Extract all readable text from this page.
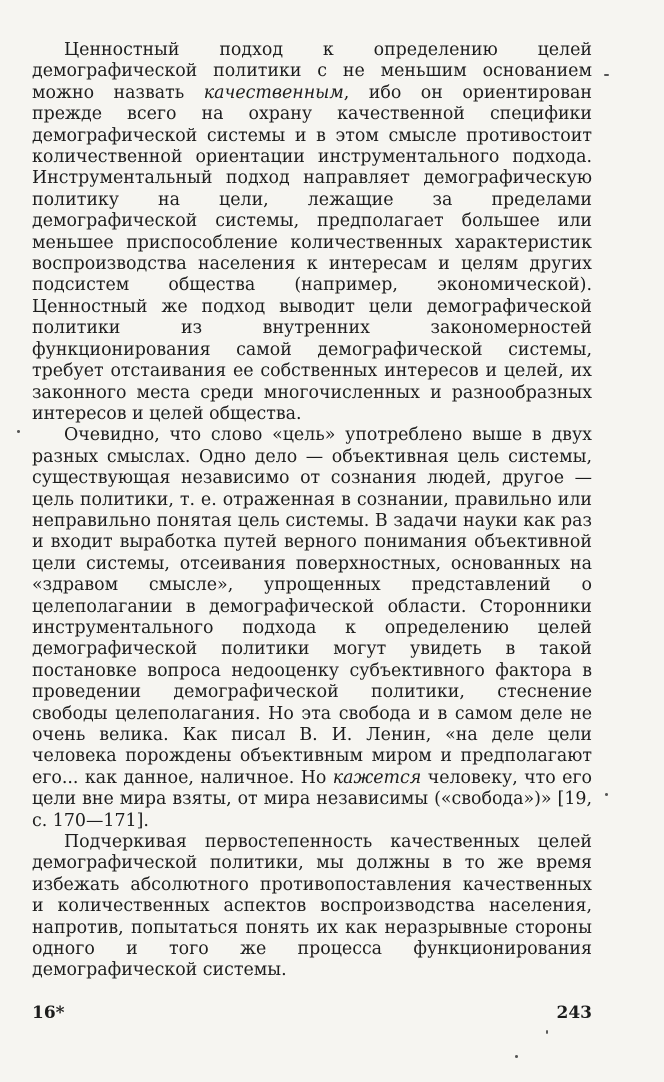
Ценностный подход к определению целей демографической политики с не меньшим основанием можно назвать качественным, ибо он ориентирован прежде всего на охрану качественной специфики демографической системы и в этом смысле противостоит количественной ориентации инструментального подхода. Инструментальный подход направляет демографическую политику на цели, лежащие за пределами демографической системы, предполагает большее или меньшее приспособление количественных характеристик воспроизводства населения к интересам и целям других подсистем общества (например, экономической). Ценностный же подход выводит цели демографической политики из внутренних закономерностей функционирования самой демографической системы, требует отстаивания ее собственных интересов и целей, их законного места среди многочисленных и разнообразных интересов и целей общества.

Очевидно, что слово «цель» употреблено выше в двух разных смыслах. Одно дело — объективная цель системы, существующая независимо от сознания людей, другое — цель политики, т. е. отраженная в сознании, правильно или неправильно понятая цель системы. В задачи науки как раз и входит выработка путей верного понимания объективной цели системы, отсеивания поверхностных, основанных на «здравом смысле», упрощенных представлений о целеполагании в демографической области. Сторонники инструментального подхода к определению целей демографической политики могут увидеть в такой постановке вопроса недооценку субъективного фактора в проведении демографической политики, стеснение свободы целеполагания. Но эта свобода и в самом деле не очень велика. Как писал В. И. Ленин, «на деле цели человека порождены объективным миром и предполагают его... как данное, наличное. Но кажется человеку, что его цели вне мира взяты, от мира независимы («свобода»)» [19, с. 170—171].

Подчеркивая первостепенность качественных целей демографической политики, мы должны в то же время избежать абсолютного противопоставления качественных и количественных аспектов воспроизводства населения, напротив, попытаться понять их как неразрывные стороны одного и того же процесса функционирования демографической системы.

16*	243
